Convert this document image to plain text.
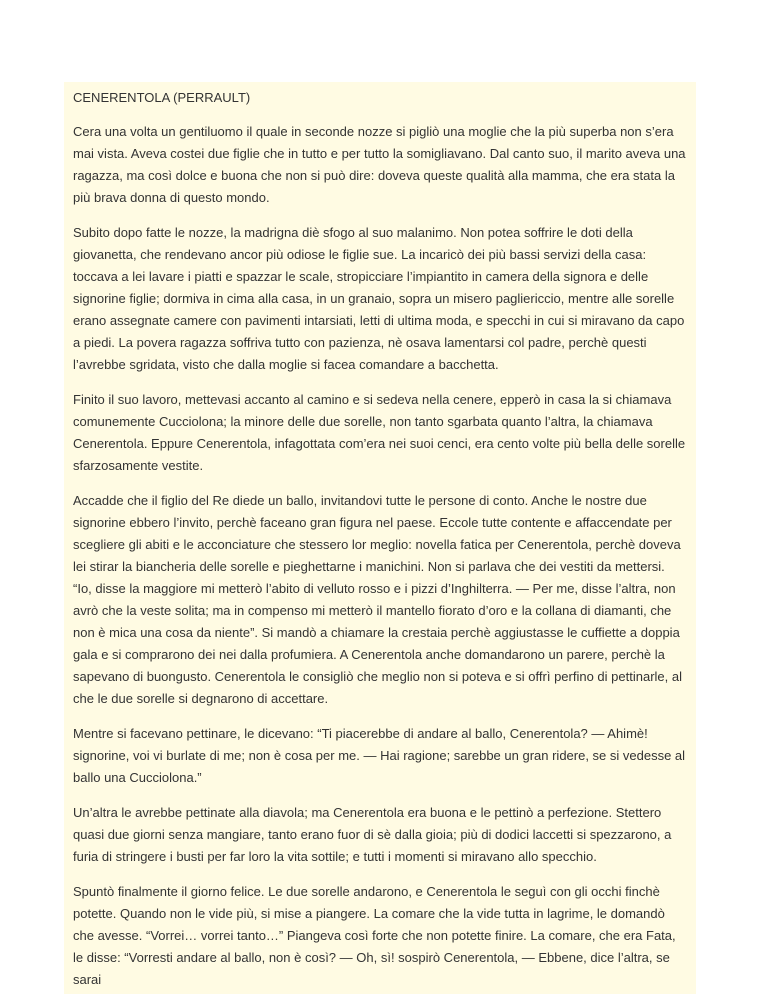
CENERENTOLA (PERRAULT)

Cera una volta un gentiluomo il quale in seconde nozze si pigliò una moglie che la più superba non s’era mai vista. Aveva costei due figlie che in tutto e per tutto la somigliavano. Dal canto suo, il marito aveva una ragazza, ma così dolce e buona che non si può dire: doveva queste qualità alla mamma, che era stata la più brava donna di questo mondo.

Subito dopo fatte le nozze, la madrigna diè sfogo al suo malanimo. Non potea soffrire le doti della giovanetta, che rendevano ancor più odiose le figlie sue. La incaricò dei più bassi servizi della casa: toccava a lei lavare i piatti e spazzar le scale, stropicciare l’impiantito in camera della signora e delle signorine figlie; dormiva in cima alla casa, in un granaio, sopra un misero pagliericcio, mentre alle sorelle erano assegnate camere con pavimenti intarsiati, letti di ultima moda, e specchi in cui si miravano da capo a piedi. La povera ragazza soffriva tutto con pazienza, nè osava lamentarsi col padre, perchè questi l’avrebbe sgridata, visto che dalla moglie si facea comandare a bacchetta.

Finito il suo lavoro, mettevasi accanto al camino e si sedeva nella cenere, epperò in casa la si chiamava comunemente Cucciolona; la minore delle due sorelle, non tanto sgarbata quanto l’altra, la chiamava Cenerentola. Eppure Cenerentola, infagottata com’era nei suoi cenci, era cento volte più bella delle sorelle sfarzosamente vestite.

Accadde che il figlio del Re diede un ballo, invitandovi tutte le persone di conto. Anche le nostre due signorine ebbero l’invito, perchè faceano gran figura nel paese. Eccole tutte contente e affaccendate per scegliere gli abiti e le acconciature che stessero lor meglio: novella fatica per Cenerentola, perchè doveva lei stirar la biancheria delle sorelle e pieghettarne i manichini. Non si parlava che dei vestiti da mettersi. “Io, disse la maggiore mi metterò l’abito di velluto rosso e i pizzi d’Inghilterra. — Per me, disse l’altra, non avrò che la veste solita; ma in compenso mi metterò il mantello fiorato d’oro e la collana di diamanti, che non è mica una cosa da niente”. Si mandò a chiamare la crestaia perchè aggiustasse le cuffiette a doppia gala e si comprarono dei nei dalla profumiera. A Cenerentola anche domandarono un parere, perchè la sapevano di buongusto. Cenerentola le consigliò che meglio non si poteva e si offrì perfino di pettinarle, al che le due sorelle si degnarono di accettare.

Mentre si facevano pettinare, le dicevano: “Ti piacerebbe di andare al ballo, Cenerentola? — Ahimè! signorine, voi vi burlate di me; non è cosa per me. — Hai ragione; sarebbe un gran ridere, se si vedesse al ballo una Cucciolona.”

Un’altra le avrebbe pettinate alla diavola; ma Cenerentola era buona e le pettinò a perfezione. Stettero quasi due giorni senza mangiare, tanto erano fuor di sè dalla gioia; più di dodici laccetti si spezzarono, a furia di stringere i busti per far loro la vita sottile; e tutti i momenti si miravano allo specchio.

Spuntò finalmente il giorno felice. Le due sorelle andarono, e Cenerentola le seguì con gli occhi finchè potette. Quando non le vide più, si mise a piangere. La comare che la vide tutta in lagrime, le domandò che avesse. “Vorrei… vorrei tanto…” Piangeva così forte che non potette finire. La comare, che era Fata, le disse: “Vorresti andare al ballo, non è così? — Oh, sì! sospirò Cenerentola, — Ebbene, dice l’altra, se sarai
